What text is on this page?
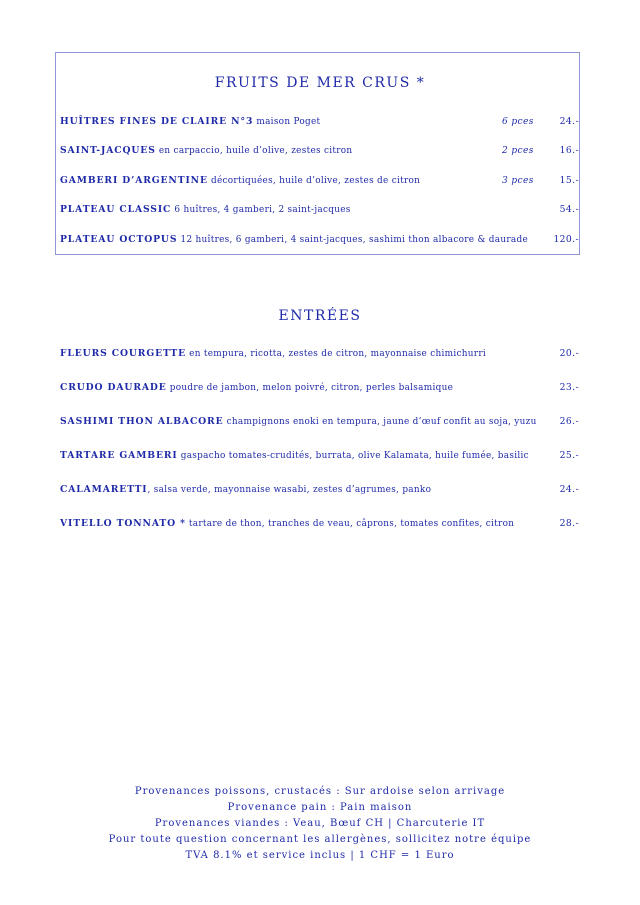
FRUITS DE MER CRUS *
HUÎTRES FINES DE CLAIRE N°3 maison Poget	6 pces	24.-
SAINT-JACQUES en carpaccio, huile d’olive, zestes citron	2 pces	16.-
GAMBERI D’ARGENTINE décortiquées, huile d’olive, zestes de citron	3 pces	15.-
PLATEAU CLASSIC 6 huîtres, 4 gamberi, 2 saint-jacques	54.-
PLATEAU OCTOPUS 12 huîtres, 6 gamberi, 4 saint-jacques, sashimi thon albacore & daurade	120.-
ENTRÉES
FLEURS COURGETTE en tempura, ricotta, zestes de citron, mayonnaise chimichurri	20.-
CRUDO DAURADE poudre de jambon, melon poivré, citron, perles balsamique	23.-
SASHIMI THON ALBACORE champignons enoki en tempura, jaune d’œuf confit au soja, yuzu	26.-
TARTARE GAMBERI gaspacho tomates-crudités, burrata, olive Kalamata, huile fumée, basilic	25.-
CALAMARETTI, salsa verde, mayonnaise wasabi, zestes d’agrumes, panko	24.-
VITELLO TONNATO * tartare de thon, tranches de veau, câprons, tomates confites, citron	28.-
Provenances poissons, crustacés : Sur ardoise selon arrivage
Provenance pain : Pain maison
Provenances viandes : Veau, Bœuf CH | Charcuterie IT
Pour toute question concernant les allergènes, sollicitez notre équipe
TVA 8.1% et service inclus | 1 CHF = 1 Euro
